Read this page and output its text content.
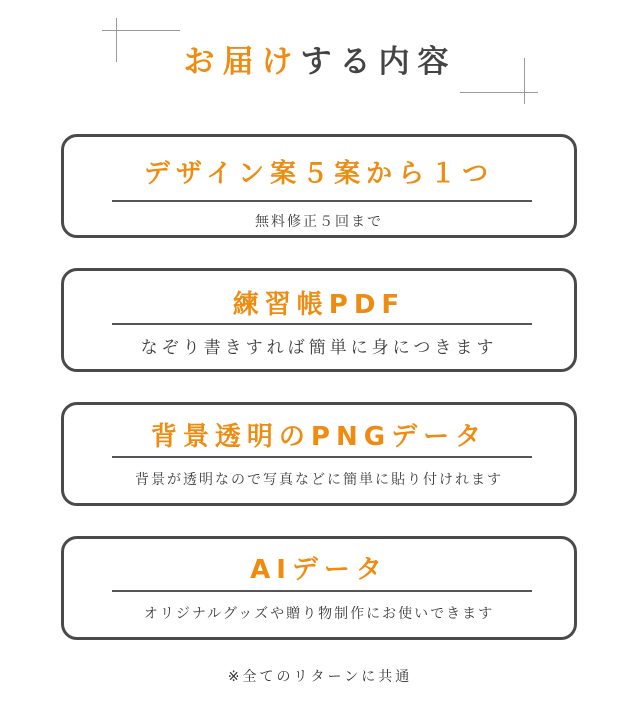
お届けする内容
デザイン案５案から１つ
無料修正５回まで
練習帳PDF
なぞり書きすれば簡単に身につきます
背景透明のPNGデータ
背景が透明なので写真などに簡単に貼り付けれます
AIデータ
オリジナルグッズや贈り物制作にお使いできます
※全てのリターンに共通
